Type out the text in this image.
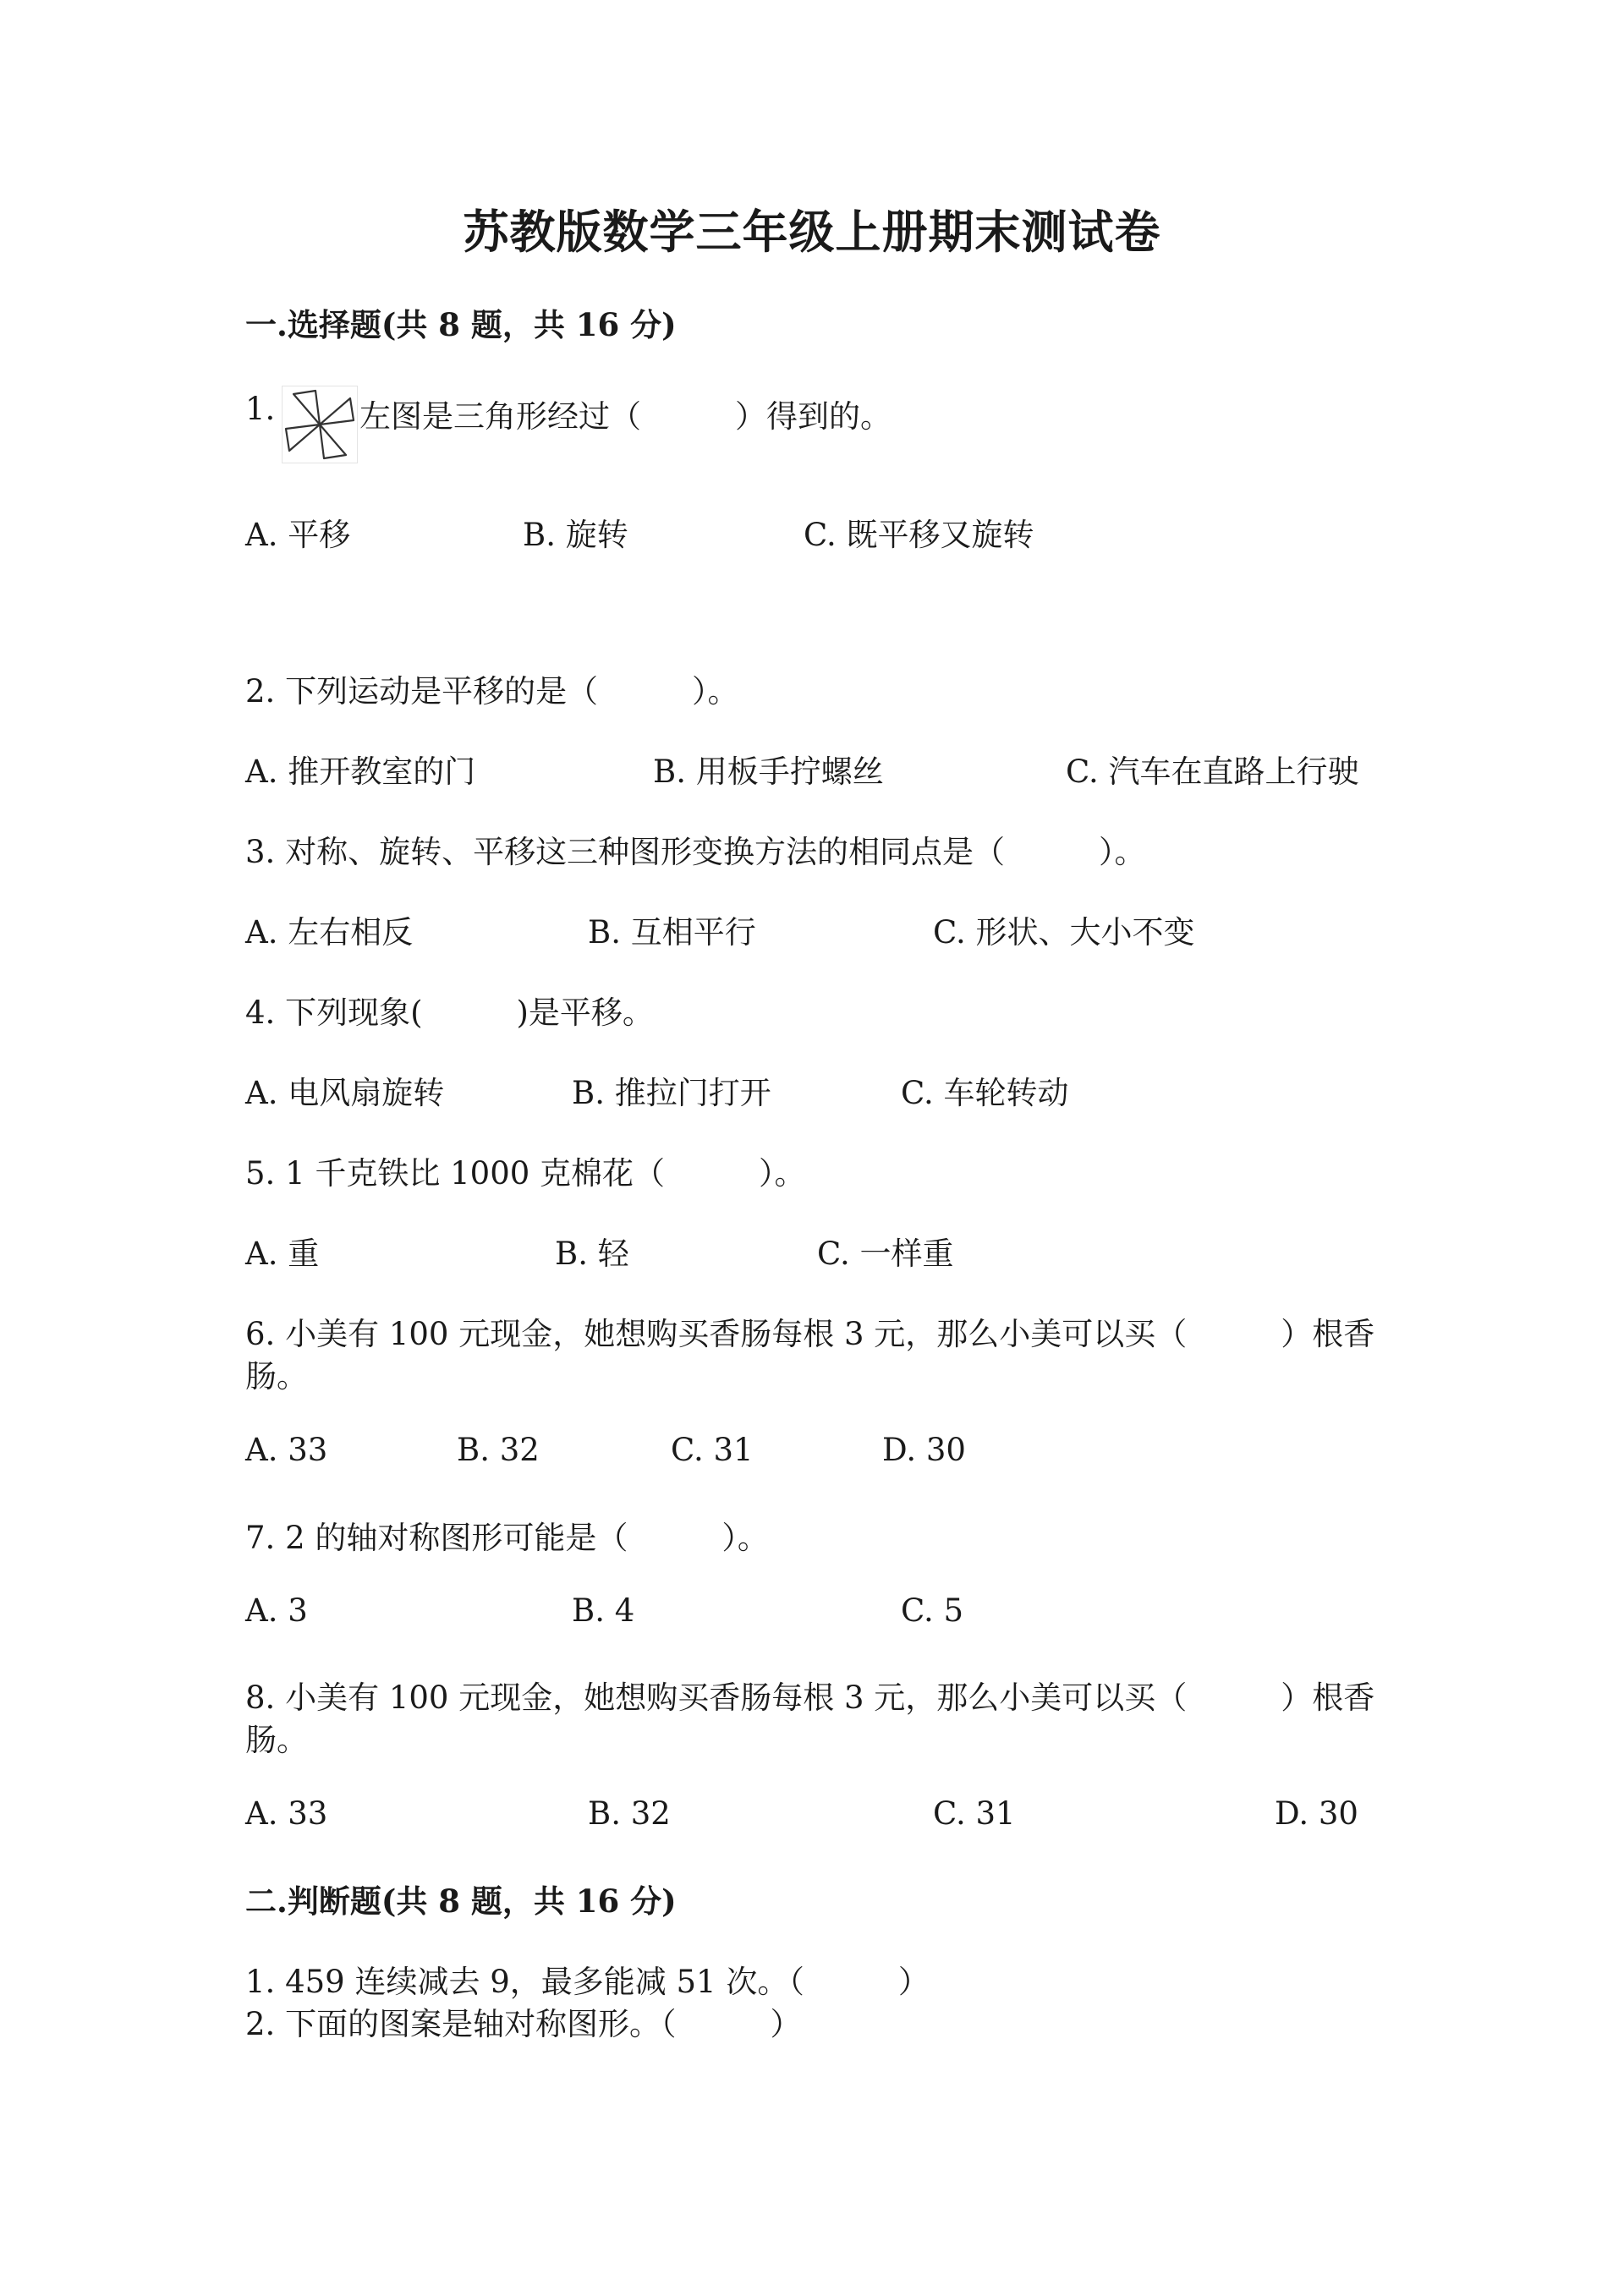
苏教版数学三年级上册期末测试卷
一.选择题(共 8 题，共 16 分)
1.	左图是三角形经过（　　　）得到的。
A. 平移	B. 旋转	C. 既平移又旋转
2. 下列运动是平移的是（　　　）。
A. 推开教室的门	B. 用板手拧螺丝	C. 汽车在直路上行驶
3. 对称、旋转、平移这三种图形变换方法的相同点是（　　　）。
A. 左右相反	B. 互相平行	C. 形状、大小不变
4. 下列现象(　　　)是平移。
A. 电风扇旋转	B. 推拉门打开	C. 车轮转动
5. 1 千克铁比 1000 克棉花（　　　）。
A. 重	B. 轻	C. 一样重
6. 小美有 100 元现金，她想购买香肠每根 3 元，那么小美可以买（　　　）根香
肠。
A. 33	B. 32	C. 31	D. 30
7. 2 的轴对称图形可能是（　　　）。
A. 3	B. 4	C. 5
8. 小美有 100 元现金，她想购买香肠每根 3 元，那么小美可以买（　　　）根香
肠。
A. 33	B. 32	C. 31	D. 30
二.判断题(共 8 题，共 16 分)
1. 459 连续减去 9，最多能减 51 次。（　　　）
2. 下面的图案是轴对称图形。（　　　）
